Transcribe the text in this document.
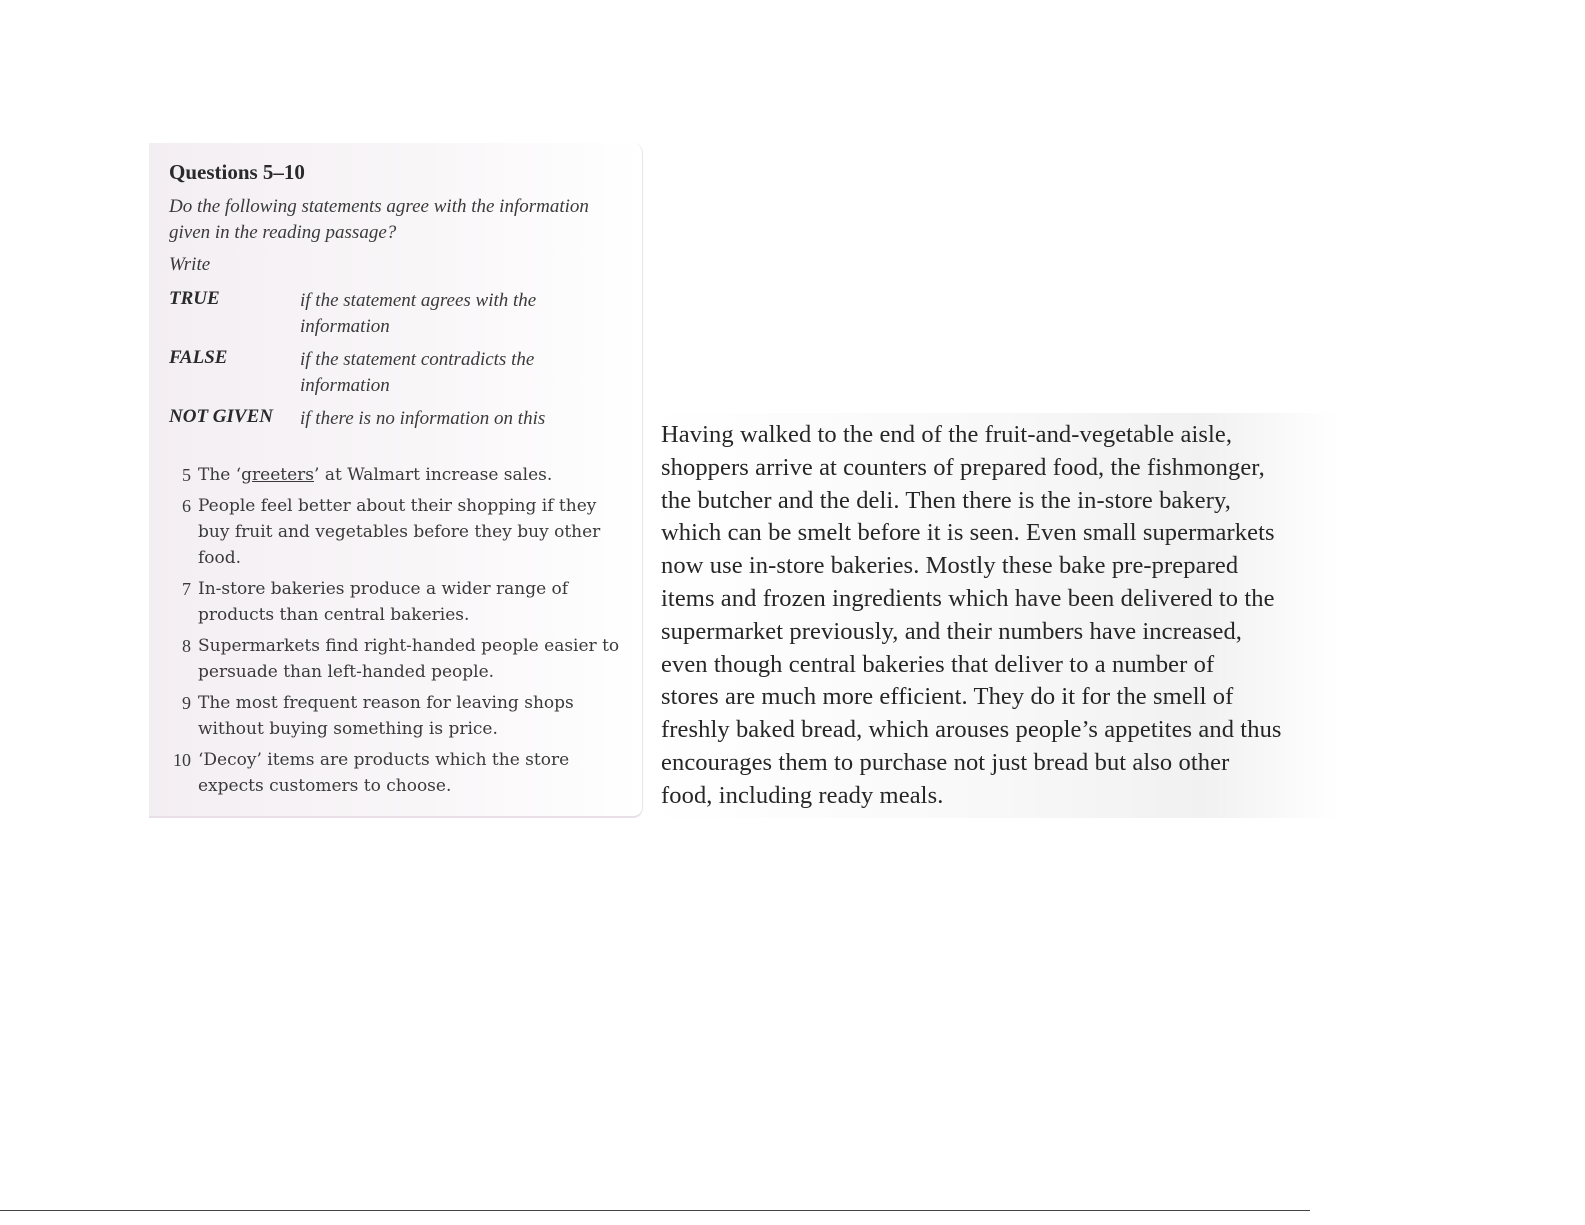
Questions 5–10
Do the following statements agree with the information given in the reading passage?
Write
TRUE	if the statement agrees with the information
FALSE	if the statement contradicts the information
NOT GIVEN if there is no information on this
5 The ‘greeters’ at Walmart increase sales.
6 People feel better about their shopping if they buy fruit and vegetables before they buy other food.
7 In-store bakeries produce a wider range of products than central bakeries.
8 Supermarkets find right-handed people easier to persuade than left-handed people.
9 The most frequent reason for leaving shops without buying something is price.
10 ‘Decoy’ items are products which the store expects customers to choose.

Having walked to the end of the fruit-and-vegetable aisle,

shoppers arrive at counters of prepared food, the fishmonger,

the butcher and the deli. Then there is the in-store bakery,

which can be smelt before it is seen. Even small supermarkets

now use in-store bakeries. Mostly these bake pre-prepared

items and frozen ingredients which have been delivered to the

supermarket previously, and their numbers have increased,

even though central bakeries that deliver to a number of

stores are much more efficient. They do it for the smell of

freshly baked bread, which arouses people’s appetites and thus

encourages them to purchase not just bread but also other

food, including ready meals.
